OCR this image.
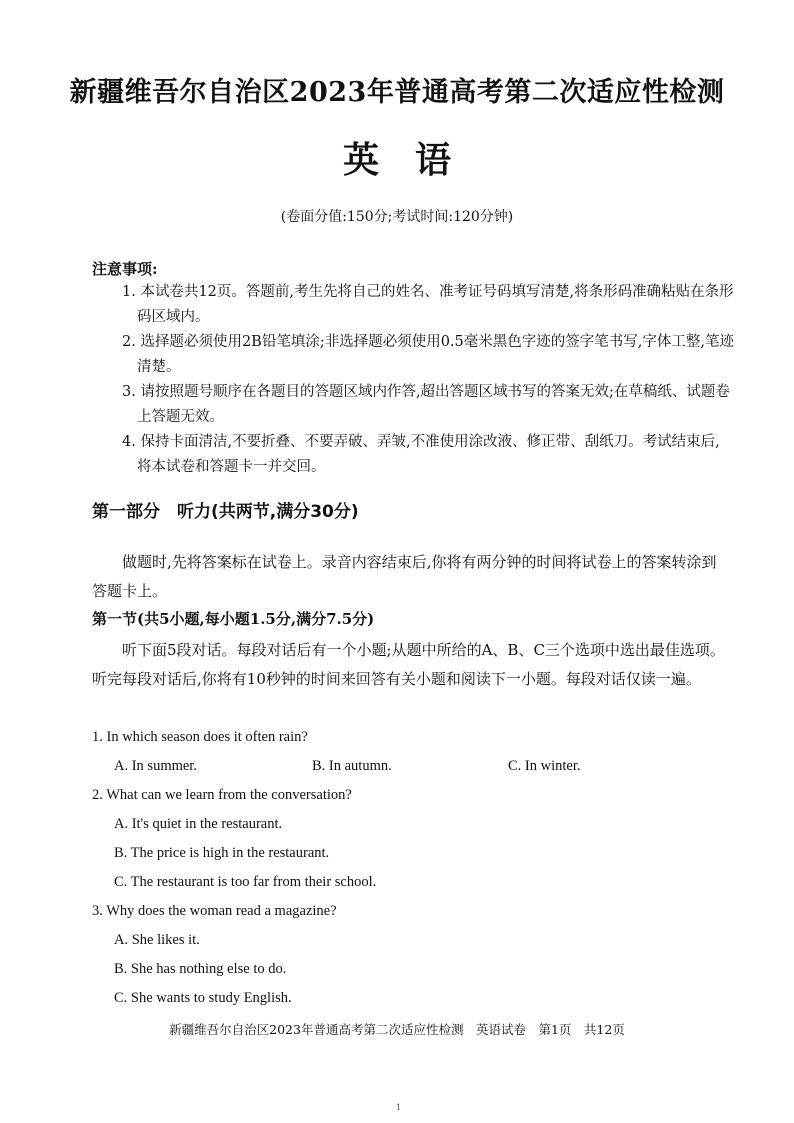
新疆维吾尔自治区2023年普通高考第二次适应性检测
英 语
(卷面分值:150分;考试时间:120分钟)
注意事项:

1. 本试卷共12页。答题前,考生先将自己的姓名、准考证号码填写清楚,将条形码准确粘贴在条形码区域内。

2. 选择题必须使用2B铅笔填涂;非选择题必须使用0.5毫米黑色字迹的签字笔书写,字体工整,笔迹清楚。

3. 请按照题号顺序在各题目的答题区域内作答,超出答题区域书写的答案无效;在草稿纸、试题卷上答题无效。

4. 保持卡面清洁,不要折叠、不要弄破、弄皱,不准使用涂改液、修正带、刮纸刀。考试结束后,将本试卷和答题卡一并交回。

第一部分　听力(共两节,满分30分)
做题时,先将答案标在试卷上。录音内容结束后,你将有两分钟的时间将试卷上的答案转涂到答题卡上。
第一节(共5小题,每小题1.5分,满分7.5分)
听下面5段对话。每段对话后有一个小题;从题中所给的A、B、C三个选项中选出最佳选项。听完每段对话后,你将有10秒钟的时间来回答有关小题和阅读下一小题。每段对话仅读一遍。
1. In which season does it often rain?
A. In summer.	B. In autumn.	C. In winter.
2. What can we learn from the conversation?
A. It's quiet in the restaurant.
B. The price is high in the restaurant.
C. The restaurant is too far from their school.
3. Why does the woman read a magazine?
A. She likes it.
B. She has nothing else to do.
C. She wants to study English.
新疆维吾尔自治区2023年普通高考第二次适应性检测　英语试卷　第1页　共12页
1
